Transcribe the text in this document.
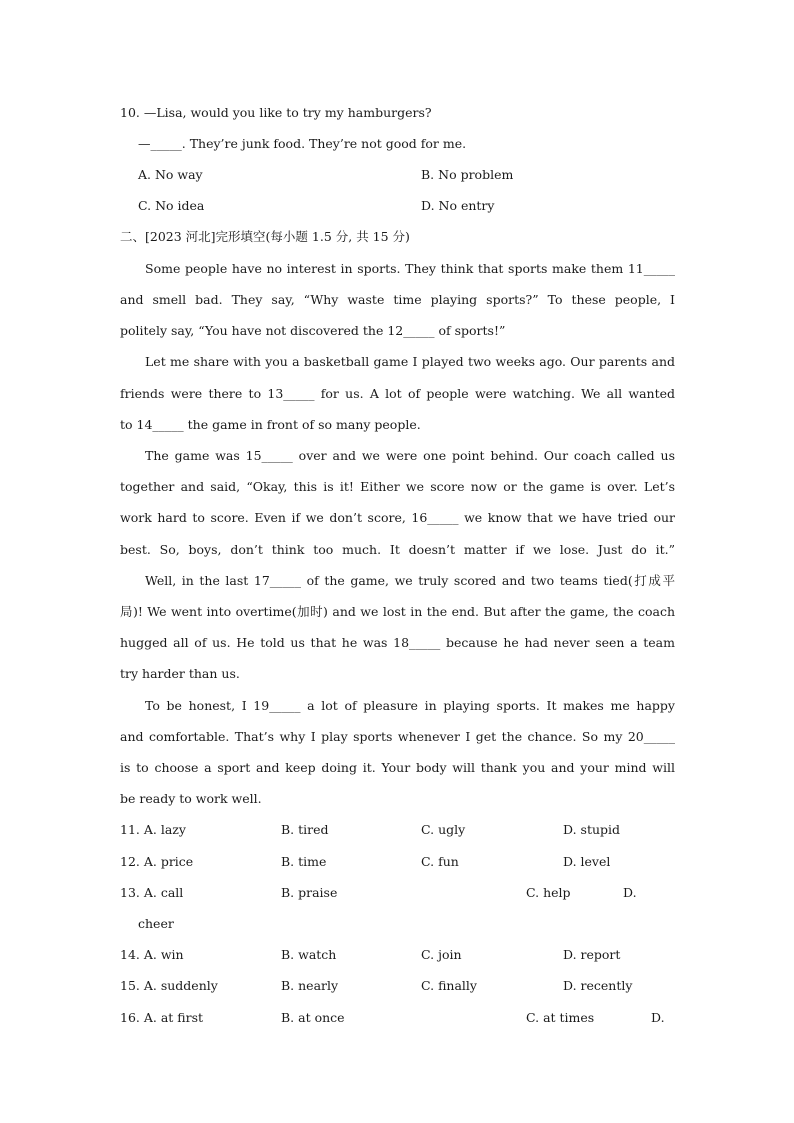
10. —Lisa, would you like to try my hamburgers?
—_____. They’re junk food. They’re not good for me.
A. No way	B. No problem
C. No idea	D. No entry
二、[2023 河北]完形填空(每小题 1.5 分, 共 15 分)
Some people have no interest in sports. They think that sports make them 11_____
and smell bad. They say, “Why waste time playing sports?” To these people, I
politely say, “You have not discovered the 12_____ of sports!”
Let me share with you a basketball game I played two weeks ago. Our parents and
friends were there to 13_____ for us. A lot of people were watching. We all wanted
to 14_____ the game in front of so many people.
The game was 15_____ over and we were one point behind. Our coach called us
together and said, “Okay, this is it! Either we score now or the game is over. Let’s
work hard to score. Even if we don’t score, 16_____ we know that we have tried our
best. So, boys, don’t think too much. It doesn’t matter if we lose. Just do it.”
Well, in the last 17_____ of the game, we truly scored and two teams tied(打成平
局)! We went into overtime(加时) and we lost in the end. But after the game, the coach
hugged all of us. He told us that he was 18_____ because he had never seen a team
try harder than us.
To be honest, I 19_____ a lot of pleasure in playing sports. It makes me happy
and comfortable. That’s why I play sports whenever I get the chance. So my 20_____
is to choose a sport and keep doing it. Your body will thank you and your mind will
be ready to work well.
11. A. lazy	B. tired	C. ugly	D. stupid
12. A. price	B. time	C. fun	D. level
13. A. call	B. praise	C. help	D.
cheer
14. A. win	B. watch	C. join	D. report
15. A. suddenly	B. nearly	C. finally	D. recently
16. A. at first	B. at once	C. at times	D.
